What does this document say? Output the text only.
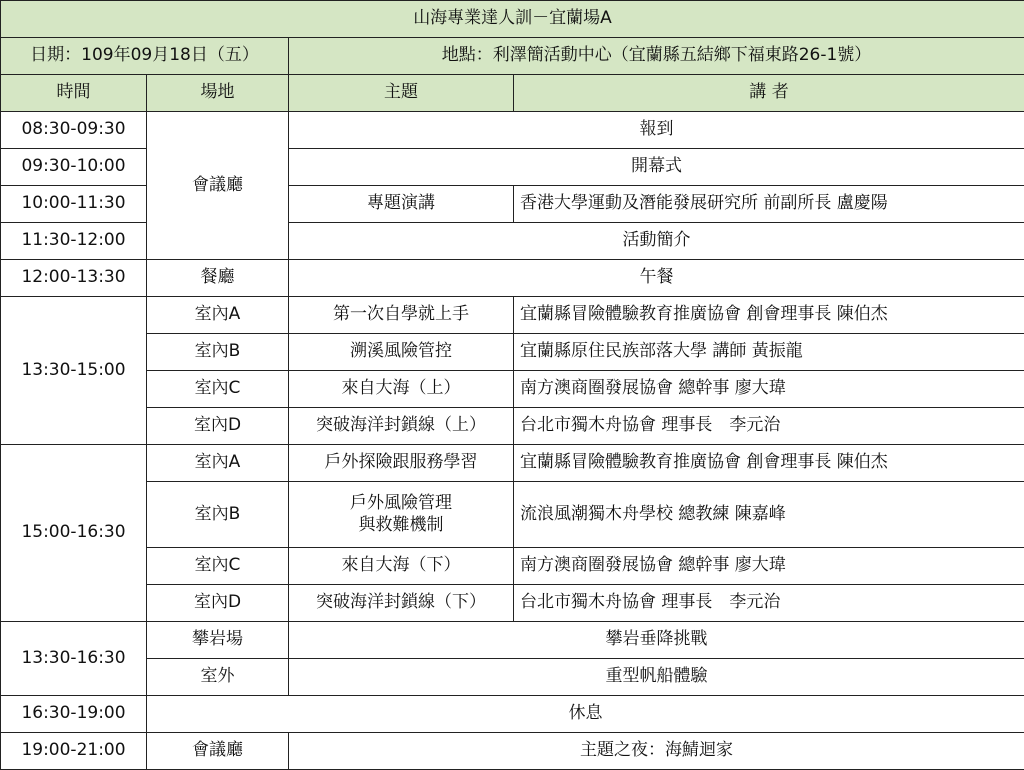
山海專業達人訓－宜蘭場A			
日期：109年09月18日（五）		地點：利澤簡活動中心（宜蘭縣五結鄉下福東路26-1號）	
時間	場地	主題	講 者
08:30-09:30	會議廳	報到	
09:30-10:00		開幕式	
10:00-11:30		專題演講	香港大學運動及潛能發展研究所 前副所長 盧慶陽
11:30-12:00		活動簡介	
12:00-13:30	餐廳	午餐	
13:30-15:00	室內A	第一次自學就上手	宜蘭縣冒險體驗教育推廣協會 創會理事長 陳伯杰
	室內B	溯溪風險管控	宜蘭縣原住民族部落大學 講師 黃振龍
	室內C	來自大海（上）	南方澳商圈發展協會 總幹事 廖大瑋
	室內D	突破海洋封鎖線（上）	台北市獨木舟協會 理事長　李元治
15:00-16:30	室內A	戶外探險跟服務學習	宜蘭縣冒險體驗教育推廣協會 創會理事長 陳伯杰
	室內B	戶外風險管理
與救難機制	流浪風潮獨木舟學校 總教練 陳嘉峰
	室內C	來自大海（下）	南方澳商圈發展協會 總幹事 廖大瑋
	室內D	突破海洋封鎖線（下）	台北市獨木舟協會 理事長　李元治
13:30-16:30	攀岩場	攀岩垂降挑戰	
	室外	重型帆船體驗	
16:30-19:00	休息		
19:00-21:00	會議廳	主題之夜：海鯖迴家	
